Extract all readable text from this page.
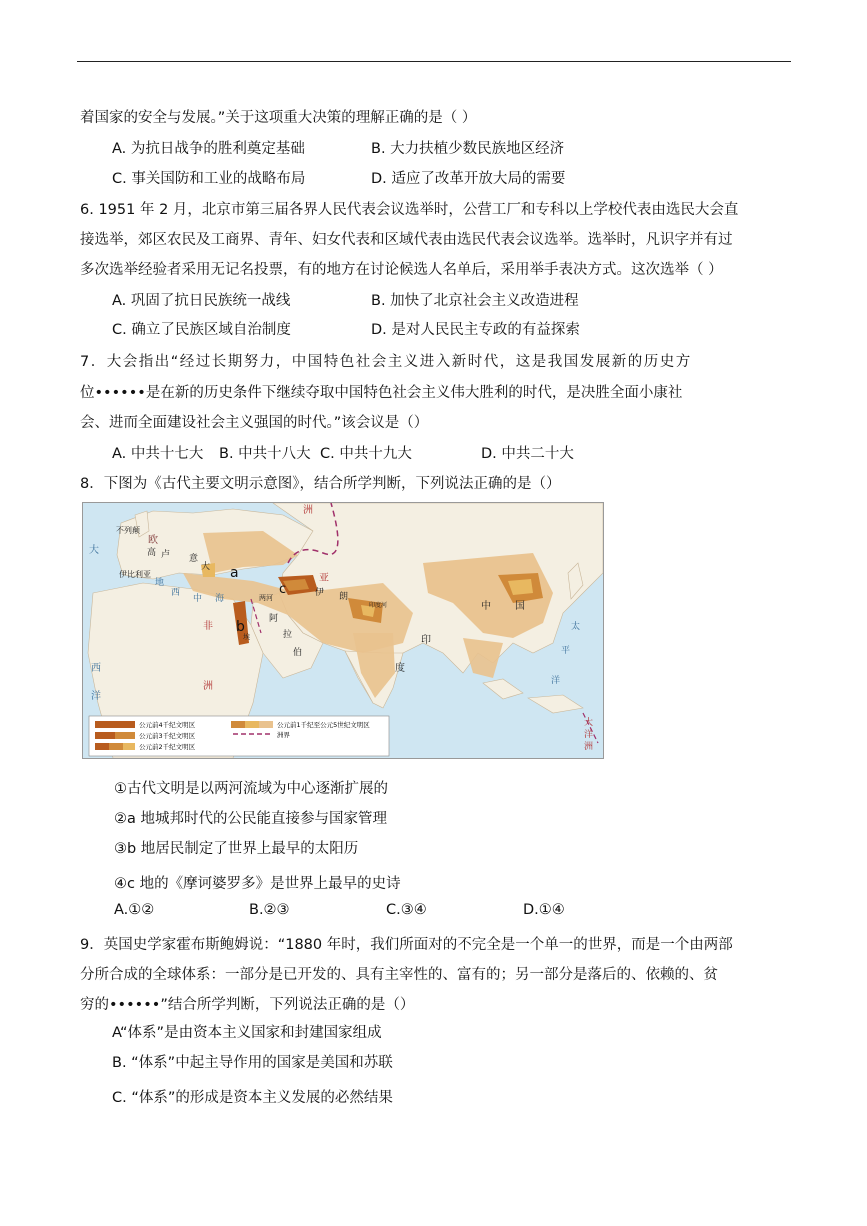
着国家的安全与发展。”关于这项重大决策的理解正确的是（ ）
A. 为抗日战争的胜利奠定基础	B. 大力扶植少数民族地区经济
C. 事关国防和工业的战略布局	D. 适应了改革开放大局的需要
6. 1951 年 2 月，北京市第三届各界人民代表会议选举时，公营工厂和专科以上学校代表由选民大会直
接选举，郊区农民及工商界、青年、妇女代表和区域代表由选民代表会议选举。选举时，凡识字并有过
多次选举经验者采用无记名投票，有的地方在讨论候选人名单后，采用举手表决方式。这次选举（ ）
A. 巩固了抗日民族统一战线	B. 加快了北京社会主义改造进程
C. 确立了民族区域自治制度	D. 是对人民民主专政的有益探索
7．大会指出“经过长期努力，中国特色社会主义进入新时代，这是我国发展新的历史方
位••••••是在新的历史条件下继续夺取中国特色社会主义伟大胜利的时代，是决胜全面小康社
会、进而全面建设社会主义强国的时代。”该会议是（）
A. 中共十七大 B. 中共十八大 C. 中共十九大	D. 中共二十大
8．下图为《古代主要文明示意图》，结合所学判断，下列说法正确的是（）
不列颠
欧
高 卢
伊比利亚
大
意
西
中
地
海
大
西
洋
非
洲
洲
亚
伊 朗
阿
拉
伯
中 国
印
度
太
平
洋
大
洋
洲
埃
两河
印度河
a
b
c
公元前4千纪文明区
公元前3千纪文明区
公元前2千纪文明区
公元前1千纪至公元5世纪文明区
洲界
①古代文明是以两河流域为中心逐渐扩展的
②a 地城邦时代的公民能直接参与国家管理
③b 地居民制定了世界上最早的太阳历
④c 地的《摩诃婆罗多》是世界上最早的史诗
A.①②	B.②③	C.③④	D.①④
9．英国史学家霍布斯鲍姆说：“1880 年时，我们所面对的不完全是一个单一的世界，而是一个由两部
分所合成的全球体系：一部分是已开发的、具有主宰性的、富有的；另一部分是落后的、依赖的、贫
穷的••••••”结合所学判断，下列说法正确的是（）
A“体系”是由资本主义国家和封建国家组成
B. “体系”中起主导作用的国家是美国和苏联
C. “体系”的形成是资本主义发展的必然结果
